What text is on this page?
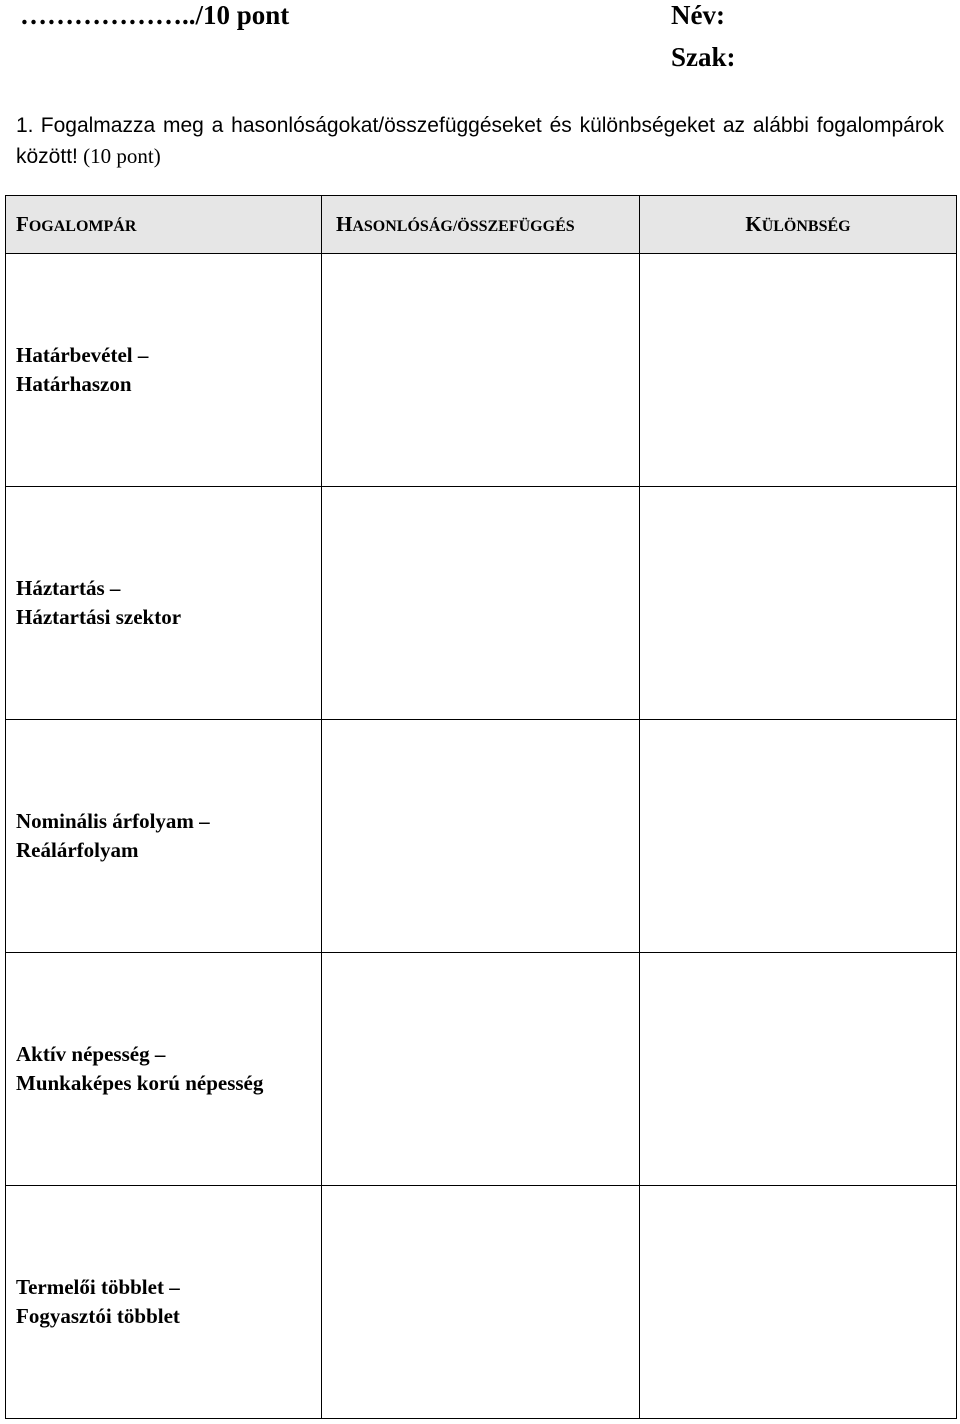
………………../10 pont	Név:
Szak:
1. Fogalmazza meg a hasonlóságokat/összefüggéseket és különbségeket az alábbi fogalompárok között! (10 pont)
FOGALOMPÁR	HASONLÓSÁG/ÖSSZEFÜGGÉS	KÜLÖNBSÉG

Határbevétel –
Határhaszon		

Háztartás –
Háztartási szektor		

Nominális árfolyam –
Reálárfolyam		

Aktív népesség –
Munkaképes korú népesség		

Termelői többlet –
Fogyasztói többlet		
